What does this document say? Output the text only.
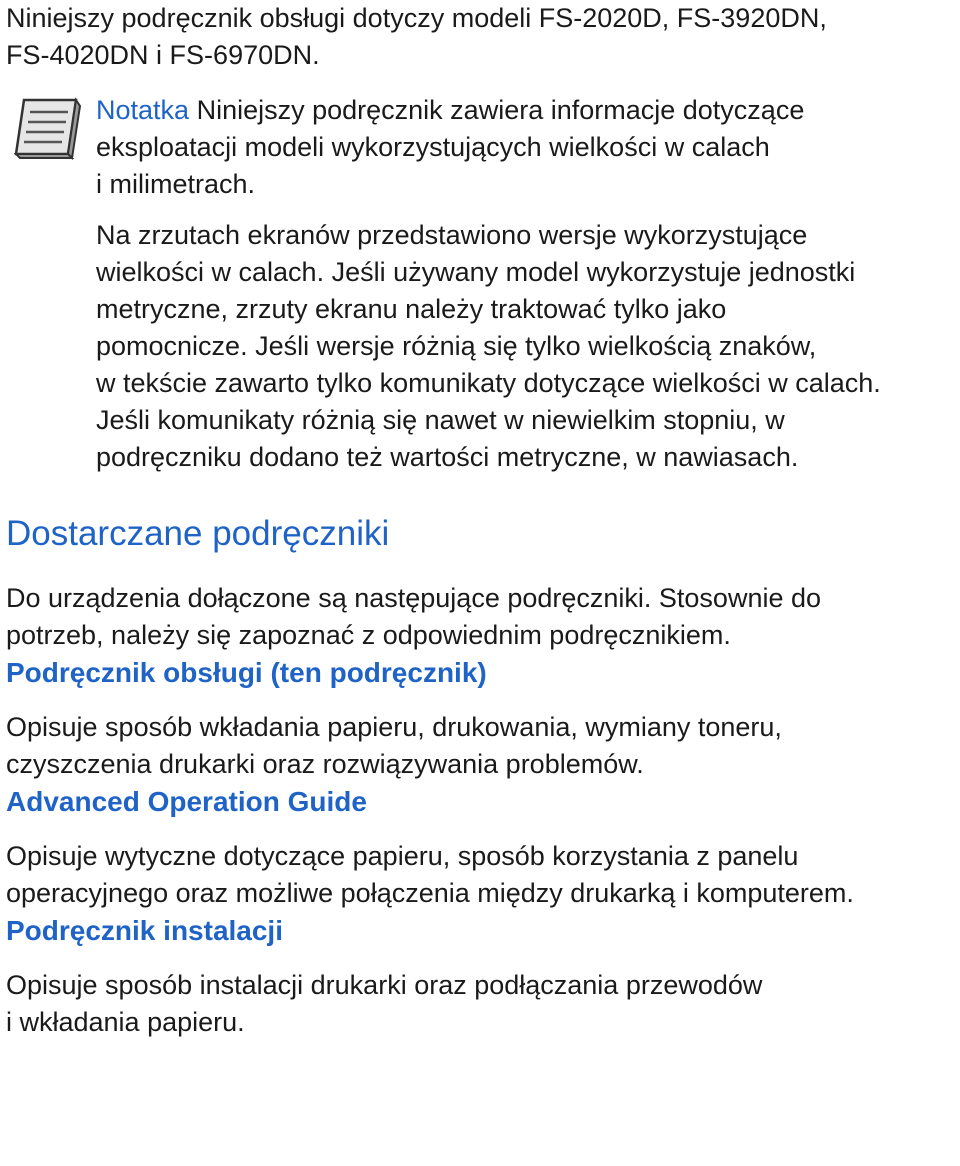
Niniejszy podręcznik obsługi dotyczy modeli FS-2020D, FS-3920DN,
FS-4020DN i FS-6970DN.

Notatka Niniejszy podręcznik zawiera informacje dotyczące
eksploatacji modeli wykorzystujących wielkości w calach
i milimetrach.

Na zrzutach ekranów przedstawiono wersje wykorzystujące
wielkości w calach. Jeśli używany model wykorzystuje jednostki
metryczne, zrzuty ekranu należy traktować tylko jako
pomocnicze. Jeśli wersje różnią się tylko wielkością znaków,
w tekście zawarto tylko komunikaty dotyczące wielkości w calach.
Jeśli komunikaty różnią się nawet w niewielkim stopniu, w
podręczniku dodano też wartości metryczne, w nawiasach.

Dostarczane podręczniki

Do urządzenia dołączone są następujące podręczniki. Stosownie do
potrzeb, należy się zapoznać z odpowiednim podręcznikiem.

Podręcznik obsługi (ten podręcznik)

Opisuje sposób wkładania papieru, drukowania, wymiany toneru,
czyszczenia drukarki oraz rozwiązywania problemów.

Advanced Operation Guide

Opisuje wytyczne dotyczące papieru, sposób korzystania z panelu
operacyjnego oraz możliwe połączenia między drukarką i komputerem.

Podręcznik instalacji

Opisuje sposób instalacji drukarki oraz podłączania przewodów
i wkładania papieru.
